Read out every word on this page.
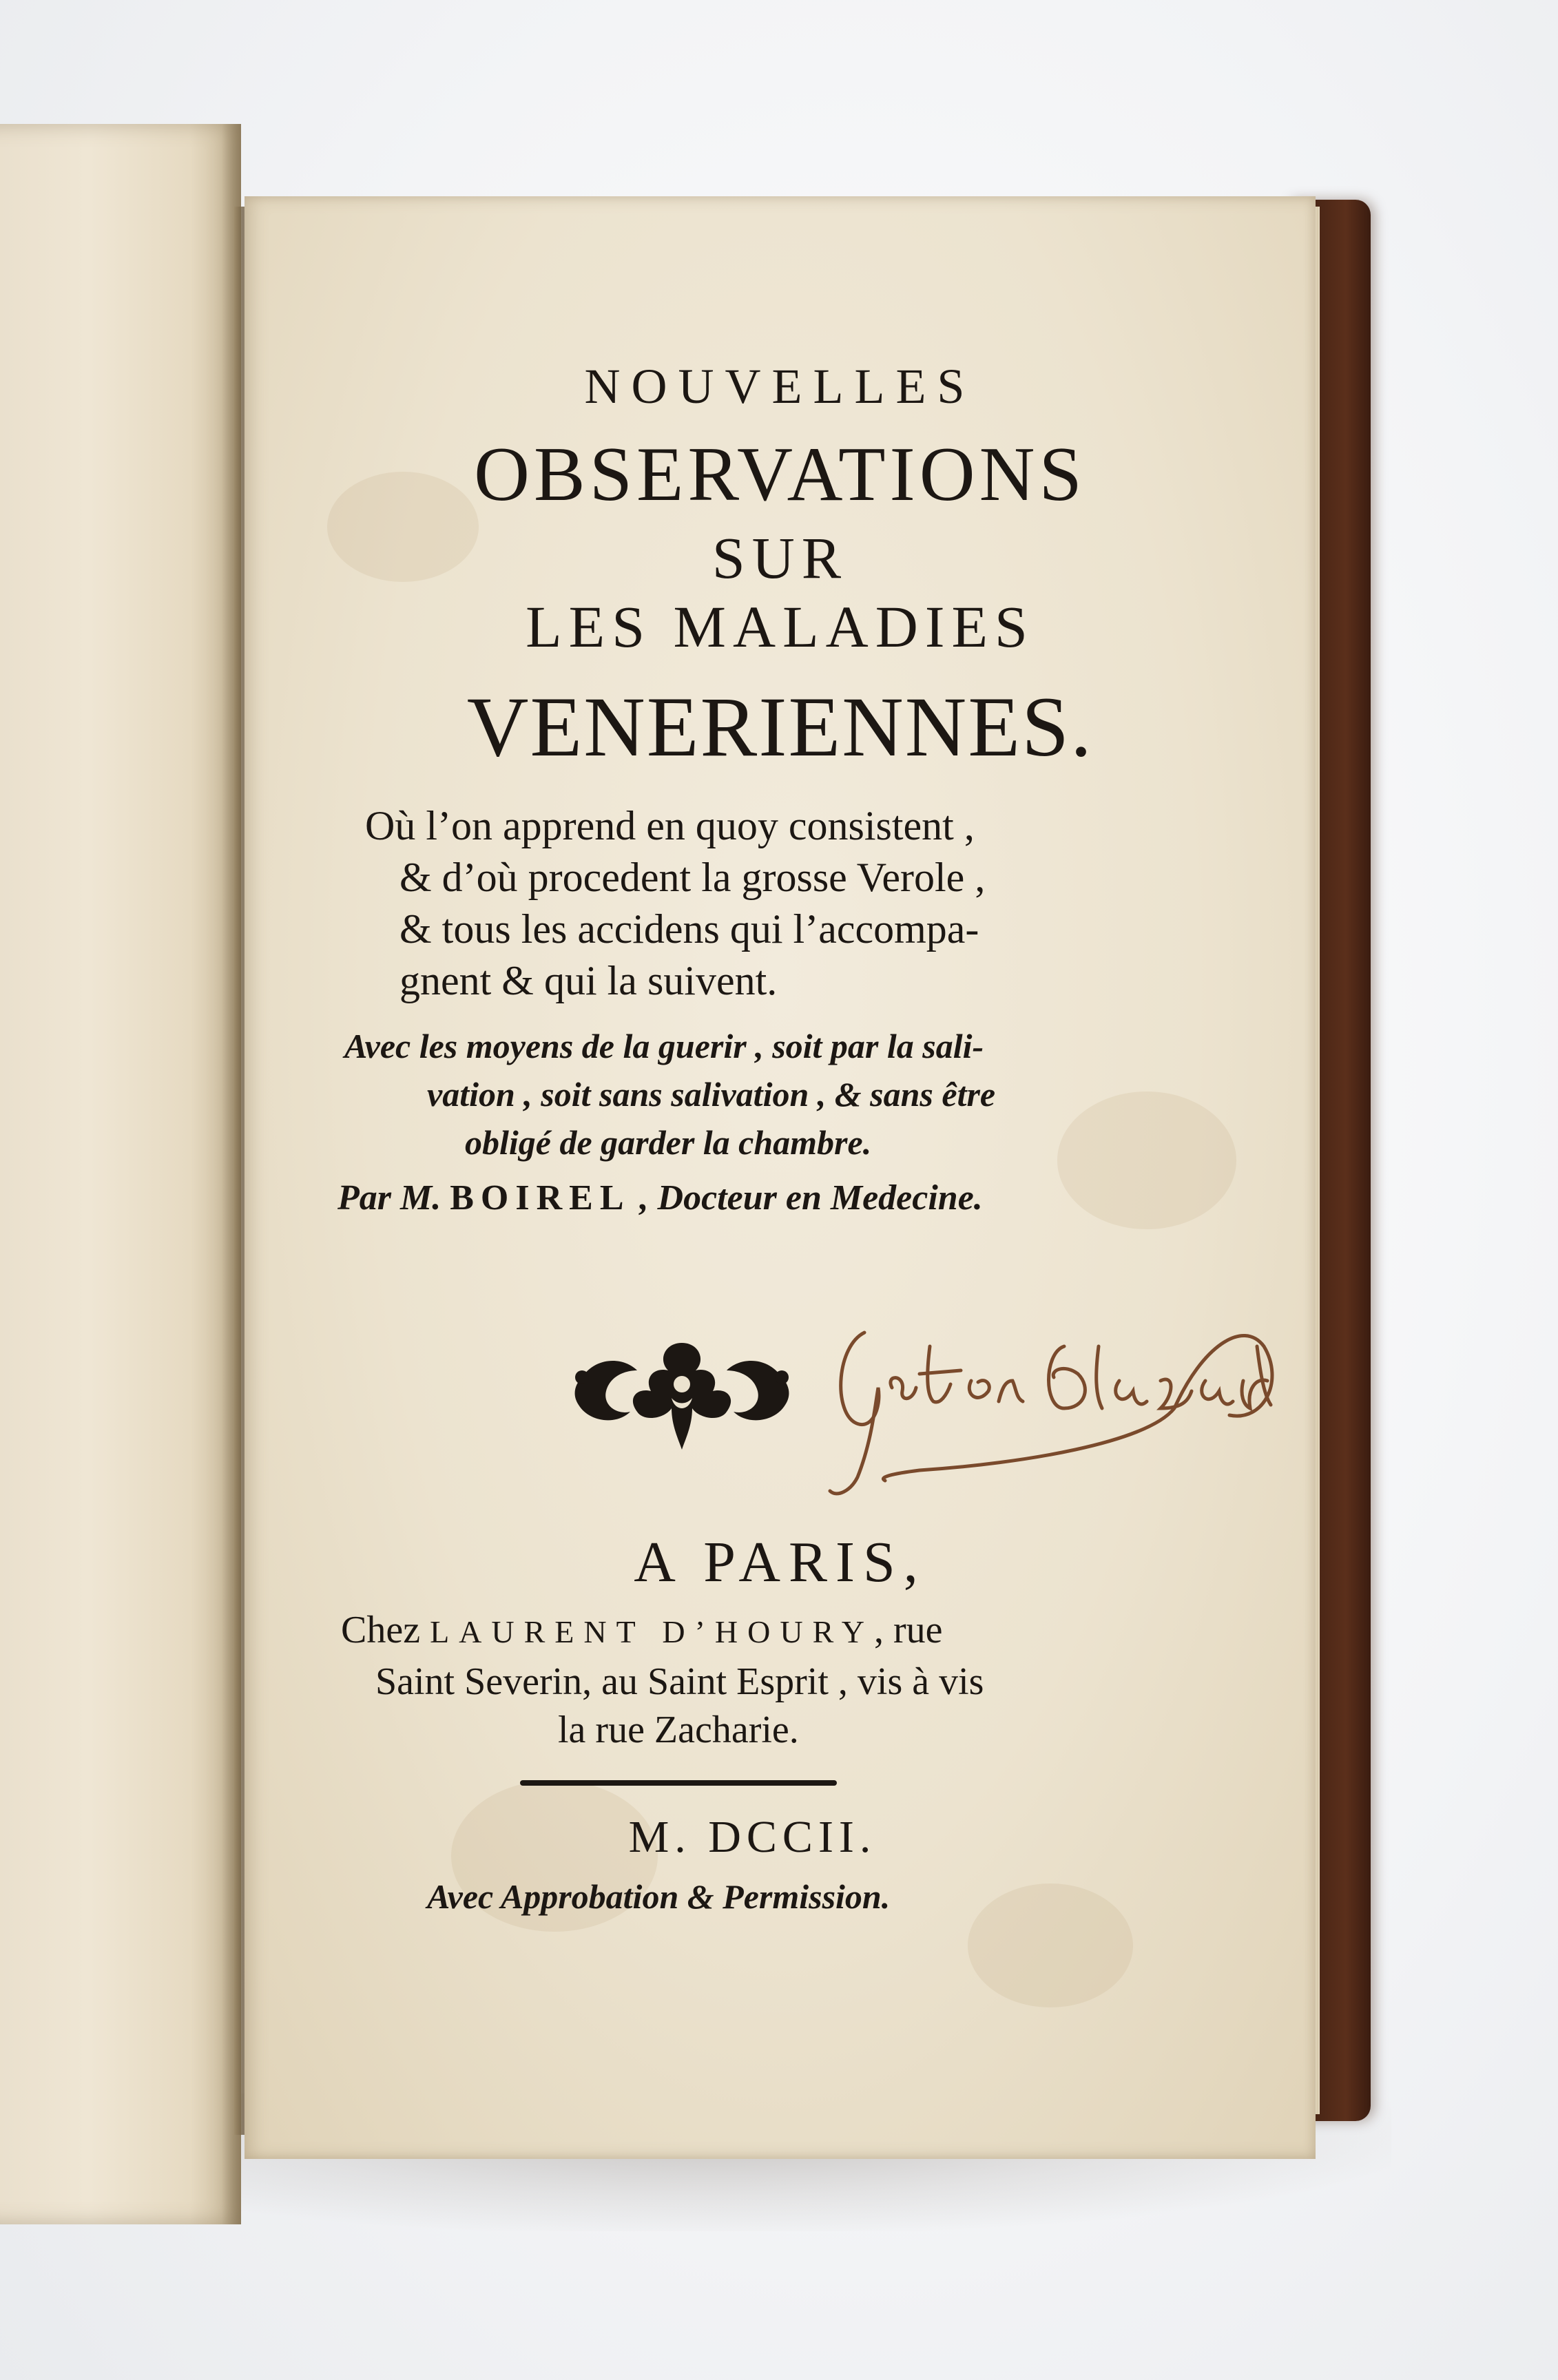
NOUVELLES
OBSERVATIONS
SUR
LES MALADIES
VENERIENNES.
Où l’on apprend en quoy consistent ,
& d’où procedent la grosse Verole ,
& tous les accidens qui l’accompa-
gnent & qui la suivent.
Avec les moyens de la guerir , soit par la sali-
vation , soit sans salivation , & sans être
obligé de garder la chambre.
Par M. BOIREL , Docteur en Medecine.
A PARIS,
Chez LAURENT D’HOURY, rue
Saint Severin, au Saint Esprit , vis à vis
la rue Zacharie.
M. DCCII.
Avec Approbation & Permission.
